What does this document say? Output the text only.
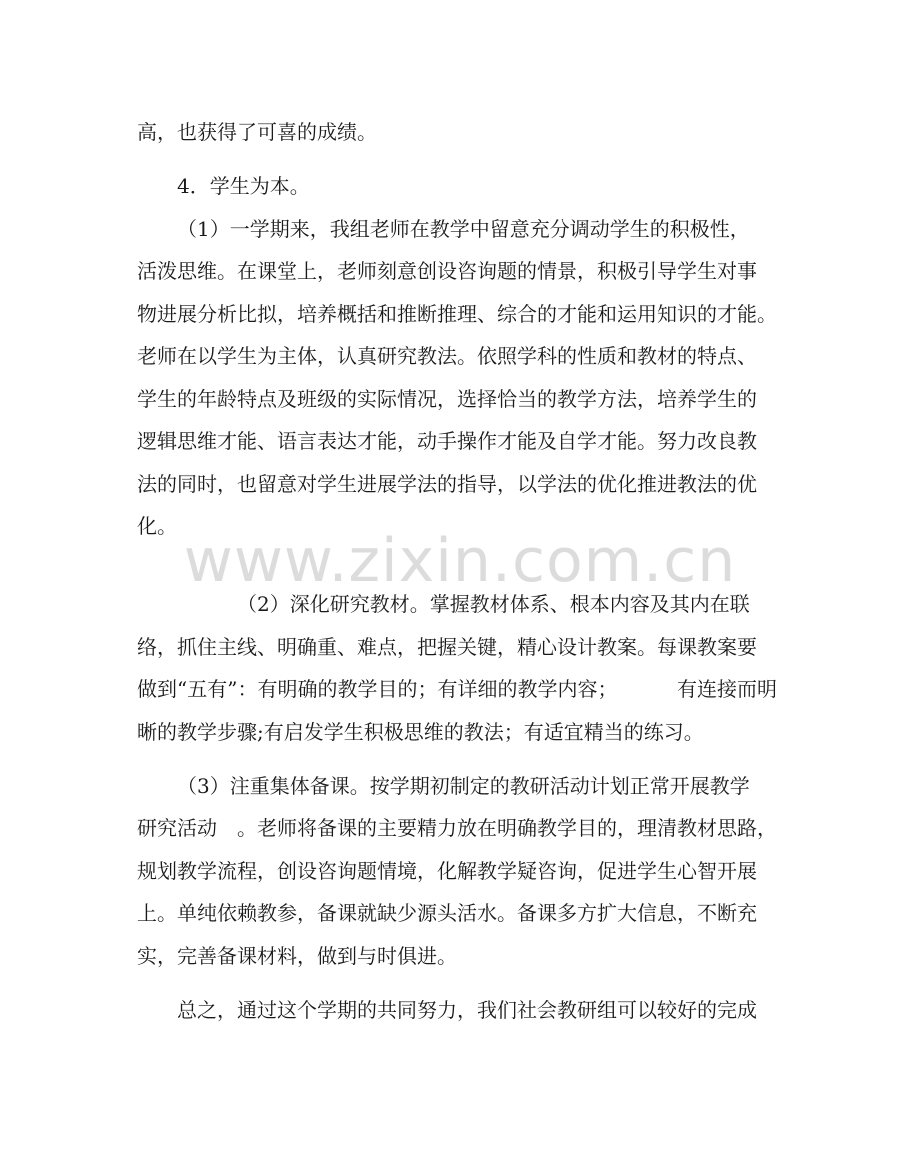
www.zixin.com.cn
高，也获得了可喜的成绩。
4．学生为本。
（1）一学期来，我组老师在教学中留意充分调动学生的积极性，
活泼思维。在课堂上，老师刻意创设咨询题的情景，积极引导学生对事
物进展分析比拟，培养概括和推断推理、综合的才能和运用知识的才能。
老师在以学生为主体，认真研究教法。依照学科的性质和教材的特点、
学生的年龄特点及班级的实际情况，选择恰当的教学方法，培养学生的
逻辑思维才能、语言表达才能，动手操作才能及自学才能。努力改良教
法的同时，也留意对学生进展学法的指导，以学法的优化推进教法的优
化。
（2）深化研究教材。掌握教材体系、根本内容及其内在联
络，抓住主线、明确重、难点，把握关键，精心设计教案。每课教案要
做到“五有”：有明确的教学目的；有详细的教学内容；	有连接而明
晰的教学步骤;有启发学生积极思维的教法；有适宜精当的练习。
（3）注重集体备课。按学期初制定的教研活动计划正常开展教学
研究活动 。老师将备课的主要精力放在明确教学目的，理清教材思路，
规划教学流程，创设咨询题情境，化解教学疑咨询，促进学生心智开展
上。单纯依赖教参，备课就缺少源头活水。备课多方扩大信息，不断充
实，完善备课材料，做到与时俱进。
总之，通过这个学期的共同努力，我们社会教研组可以较好的完成
